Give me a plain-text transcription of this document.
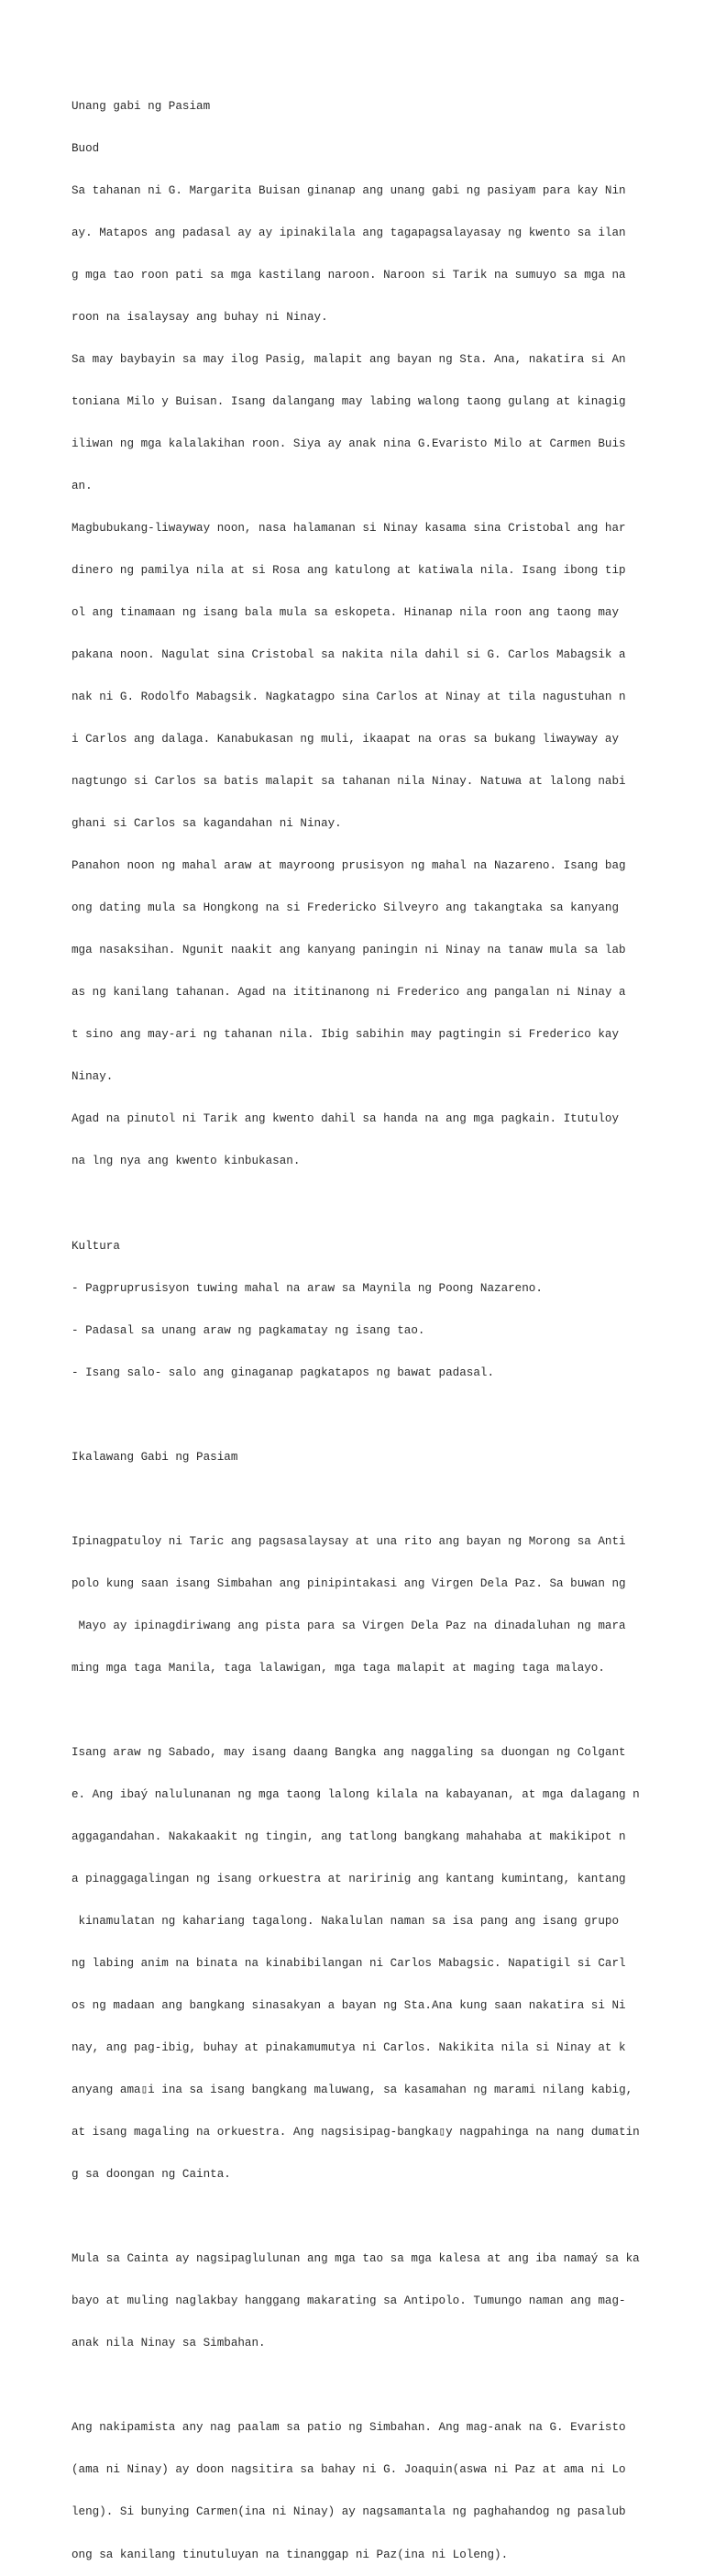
Unang gabi ng Pasiam

Buod

Sa tahanan ni G. Margarita Buisan ginanap ang unang gabi ng pasiyam para kay Nin

ay. Matapos ang padasal ay ay ipinakilala ang tagapagsalayasay ng kwento sa ilan

g mga tao roon pati sa mga kastilang naroon. Naroon si Tarik na sumuyo sa mga na

roon na isalaysay ang buhay ni Ninay.

Sa may baybayin sa may ilog Pasig, malapit ang bayan ng Sta. Ana, nakatira si An

toniana Milo y Buisan. Isang dalangang may labing walong taong gulang at kinagig

iliwan ng mga kalalakihan roon. Siya ay anak nina G.Evaristo Milo at Carmen Buis

an.

Magbubukang-liwayway noon, nasa halamanan si Ninay kasama sina Cristobal ang har

dinero ng pamilya nila at si Rosa ang katulong at katiwala nila. Isang ibong tip

ol ang tinamaan ng isang bala mula sa eskopeta. Hinanap nila roon ang taong may

pakana noon. Nagulat sina Cristobal sa nakita nila dahil si G. Carlos Mabagsik a

nak ni G. Rodolfo Mabagsik. Nagkatagpo sina Carlos at Ninay at tila nagustuhan n

i Carlos ang dalaga. Kanabukasan ng muli, ikaapat na oras sa bukang liwayway ay

nagtungo si Carlos sa batis malapit sa tahanan nila Ninay. Natuwa at lalong nabi

ghani si Carlos sa kagandahan ni Ninay.

Panahon noon ng mahal araw at mayroong prusisyon ng mahal na Nazareno. Isang bag

ong dating mula sa Hongkong na si Fredericko Silveyro ang takangtaka sa kanyang

mga nasaksihan. Ngunit naakit ang kanyang paningin ni Ninay na tanaw mula sa lab

as ng kanilang tahanan. Agad na ititinanong ni Frederico ang pangalan ni Ninay a

t sino ang may-ari ng tahanan nila. Ibig sabihin may pagtingin si Frederico kay

Ninay.

Agad na pinutol ni Tarik ang kwento dahil sa handa na ang mga pagkain. Itutuloy

na lng nya ang kwento kinbukasan.

Kultura

- Pagpruprusisyon tuwing mahal na araw sa Maynila ng Poong Nazareno.

- Padasal sa unang araw ng pagkamatay ng isang tao.

- Isang salo- salo ang ginaganap pagkatapos ng bawat padasal.

Ikalawang Gabi ng Pasiam

Ipinagpatuloy ni Taric ang pagsasalaysay at una rito ang bayan ng Morong sa Anti

polo kung saan isang Simbahan ang pinipintakasi ang Virgen Dela Paz. Sa buwan ng

Mayo ay ipinagdiriwang ang pista para sa Virgen Dela Paz na dinadaluhan ng mara

ming mga taga Manila, taga lalawigan, mga taga malapit at maging taga malayo.

Isang araw ng Sabado, may isang daang Bangka ang naggaling sa duongan ng Colgant

e. Ang ibaý nalulunanan ng mga taong lalong kilala na kabayanan, at mga dalagang n

aggagandahan. Nakakaakit ng tingin, ang tatlong bangkang mahahaba at makikipot n

a pinaggagalingan ng isang orkuestra at naririnig ang kantang kumintang, kantang

kinamulatan ng kahariang tagalong. Nakalulan naman sa isa pang ang isang grupo

ng labing anim na binata na kinabibilangan ni Carlos Mabagsic. Napatigil si Carl

os ng madaan ang bangkang sinasakyan a bayan ng Sta.Ana kung saan nakatira si Ni

nay, ang pag-ibig, buhay at pinakamumutya ni Carlos. Nakikita nila si Ninay at k

anyang ama▯i ina sa isang bangkang maluwang, sa kasamahan ng marami nilang kabig,

at isang magaling na orkuestra. Ang nagsisipag-bangka▯y nagpahinga na nang dumatin

g sa doongan ng Cainta.

Mula sa Cainta ay nagsipaglulunan ang mga tao sa mga kalesa at ang iba namaý sa ka

bayo at muling naglakbay hanggang makarating sa Antipolo. Tumungo naman ang mag-

anak nila Ninay sa Simbahan.

Ang nakipamista any nag paalam sa patio ng Simbahan. Ang mag-anak na G. Evaristo

(ama ni Ninay) ay doon nagsitira sa bahay ni G. Joaquin(aswa ni Paz at ama ni Lo

leng). Si bunying Carmen(ina ni Ninay) ay nagsamantala ng paghahandog ng pasalub

ong sa kanilang tinutuluyan na tinanggap ni Paz(ina ni Loleng).
